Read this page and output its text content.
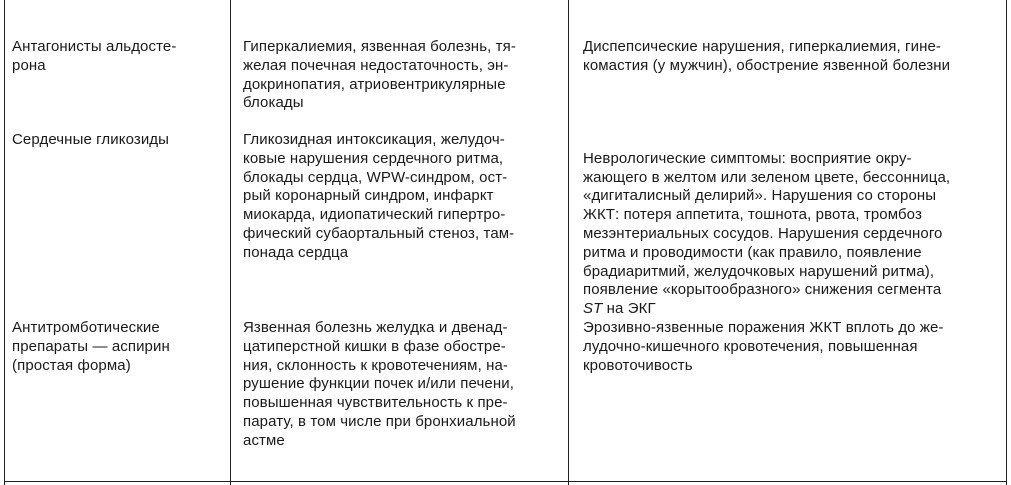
Антагонисты альдосте-
рона
Гиперкалиемия, язвенная болезнь, тя-
желая почечная недостаточность, эн-
докринопатия, атриовентрикулярные
блокады
Диспепсические нарушения, гиперкалиемия, гине-
комастия (у мужчин), обострение язвенной болезни
Сердечные гликозиды	Гликозидная интоксикация, желудоч-
ковые нарушения сердечного ритма,
блокады сердца, WPW-синдром, ост-
рый коронарный синдром, инфаркт
миокарда, идиопатический гипертро-
фический субаортальный стеноз, там-
понада сердца

Неврологические симптомы: восприятие окру-
жающего в желтом или зеленом цвете, бессонница,
«дигиталисный делирий». Нарушения со стороны
ЖКТ: потеря аппетита, тошнота, рвота, тромбоз
мезэнтериальных сосудов. Нарушения сердечного
ритма и проводимости (как правило, появление
брадиаритмий, желудочковых нарушений ритма),
появление «корытообразного» снижения сегмента

ST на ЭКГ

Антитромботические
препараты — аспирин
(простая форма)
Язвенная болезнь желудка и двенад-
цатиперстной кишки в фазе обостре-
ния, склонность к кровотечениям, на-
рушение функции почек и/или печени,
повышенная чувствительность к пре-
парату, в том числе при бронхиальной
астме
Эрозивно-язвенные поражения ЖКТ вплоть до же-
лудочно-кишечного кровотечения, повышенная
кровоточивость
